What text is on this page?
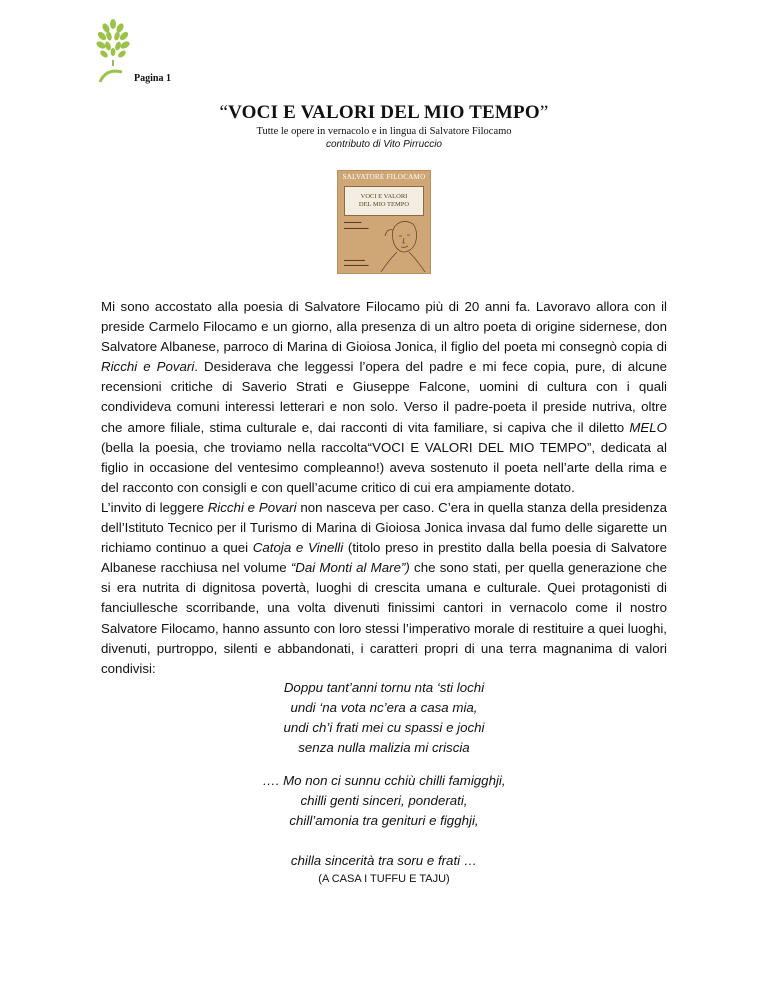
Pagina 1
“VOCI E VALORI DEL MIO TEMPO”
Tutte le opere in vernacolo e in lingua di Salvatore Filocamo
contributo di Vito Pirruccio
SALVATORE FILOCAMO
VOCI E VALORI
DEL MIO TEMPO
▬▬▬▬▬
▬▬▬▬▬▬▬
▬▬▬▬▬▬
▬▬▬▬▬▬▬

Mi sono accostato alla poesia di Salvatore Filocamo più di 20 anni fa. Lavoravo allora con il preside Carmelo Filocamo e un giorno, alla presenza di un altro poeta di origine sidernese, don Salvatore Albanese, parroco di Marina di Gioiosa Jonica, il figlio del poeta mi consegnò copia di Ricchi e Povari. Desiderava che leggessi l’opera del padre e mi fece copia, pure, di alcune recensioni critiche di Saverio Strati e Giuseppe Falcone, uomini di cultura con i quali condivideva comuni interessi letterari e non solo. Verso il padre-poeta il preside nutriva, oltre che amore filiale, stima culturale e, dai racconti di vita familiare, si capiva che il diletto MELO (bella la poesia, che troviamo nella raccolta“VOCI E VALORI DEL MIO TEMPO”, dedicata al figlio in occasione del ventesimo compleanno!) aveva sostenuto il poeta nell’arte della rima e del racconto con consigli e con quell’acume critico di cui era ampiamente dotato.

L’invito di leggere Ricchi e Povari non nasceva per caso. C’era in quella stanza della presidenza dell’Istituto Tecnico per il Turismo di Marina di Gioiosa Jonica invasa dal fumo delle sigarette un richiamo continuo a quei Catoja e Vinelli (titolo preso in prestito dalla bella poesia di Salvatore Albanese racchiusa nel volume “Dai Monti al Mare”) che sono stati, per quella generazione che si era nutrita di dignitosa povertà, luoghi di crescita umana e culturale. Quei protagonisti di fanciullesche scorribande, una volta divenuti finissimi cantori in vernacolo come il nostro Salvatore Filocamo, hanno assunto con loro stessi l’imperativo morale di restituire a quei luoghi, divenuti, purtroppo, silenti e abbandonati, i caratteri propri di una terra magnanima di valori condivisi:

Doppu tant’anni tornu nta ‘sti lochi
undi ‘na vota nc’era a casa mia,
undi ch’i frati mei cu spassi e jochi
senza nulla malizia mi criscia
…. Mo non ci sunnu cchiù chilli famigghji,
chilli genti sinceri, ponderati,
chill’amonia tra genituri e figghji,
chilla sincerità tra soru e frati …
(A CASA I TUFFU E TAJU)
